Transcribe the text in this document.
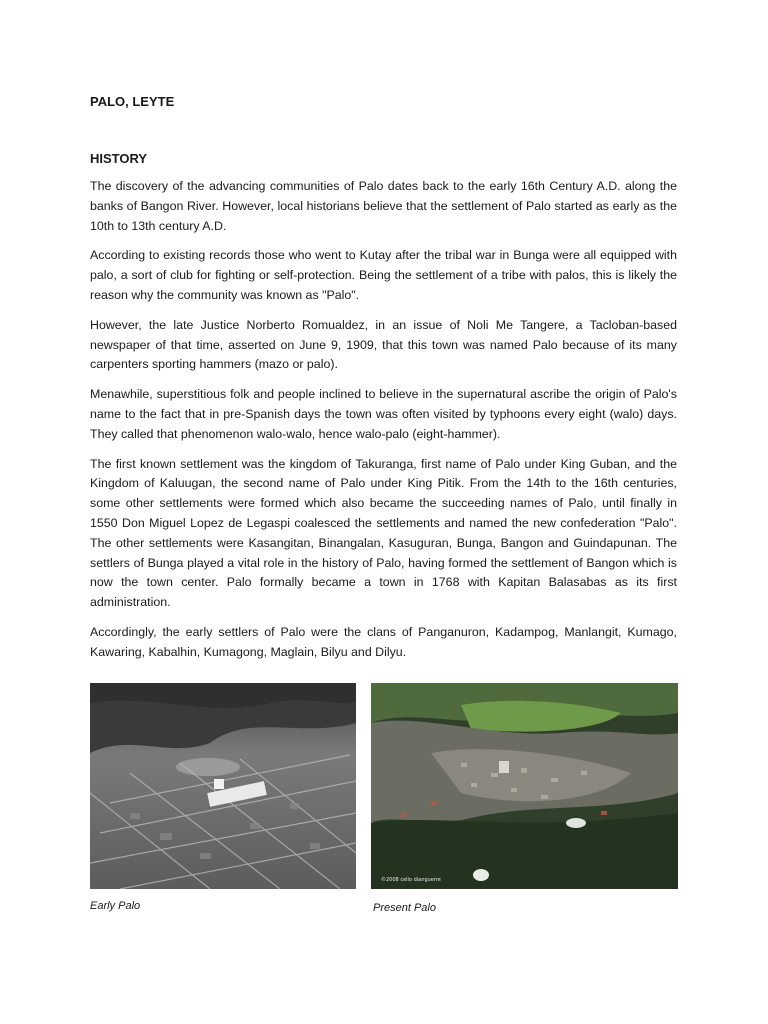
PALO, LEYTE
HISTORY

The discovery of the advancing communities of Palo dates back to the early 16th Century A.D. along the banks of Bangon River. However, local historians believe that the settlement of Palo started as early as the 10th to 13th century A.D.

According to existing records those who went to Kutay after the tribal war in Bunga were all equipped with palo, a sort of club for fighting or self-protection. Being the settlement of a tribe with palos, this is likely the reason why the community was known as "Palo".

However, the late Justice Norberto Romualdez, in an issue of Noli Me Tangere, a Tacloban-based newspaper of that time, asserted on June 9, 1909, that this town was named Palo because of its many carpenters sporting hammers (mazo or palo).

Menawhile, superstitious folk and people inclined to believe in the supernatural ascribe the origin of Palo's name to the fact that in pre-Spanish days the town was often visited by typhoons every eight (walo) days. They called that phenomenon walo-walo, hence walo-palo (eight-hammer).

The first known settlement was the kingdom of Takuranga, first name of Palo under King Guban, and the Kingdom of Kaluugan, the second name of Palo under King Pitik. From the 14th to the 16th centuries, some other settlements were formed which also became the succeeding names of Palo, until finally in 1550 Don Miguel Lopez de Legaspi coalesced the settlements and named the new confederation "Palo". The other settlements were Kasangitan, Binangalan, Kasuguran, Bunga, Bangon and Guindapunan. The settlers of Bunga played a vital role in the history of Palo, having formed the settlement of Bangon which is now the town center. Palo formally became a town in 1768 with Kapitan Balasabas as its first administration.

Accordingly, the early settlers of Palo were the clans of Panganuron, Kadampog, Manlangit, Kumago, Kawaring, Kabalhin, Kumagong, Maglain, Bilyu and Dilyu.

©2008 cello dianguerre
Early Palo	Present Palo
